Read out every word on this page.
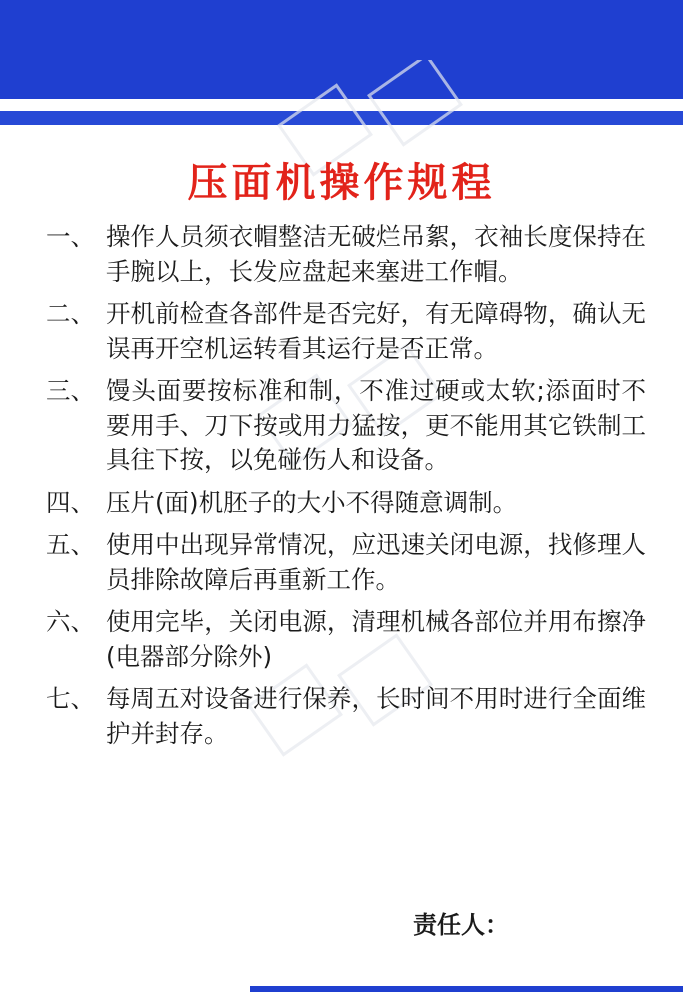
压面机操作规程
一、 操作人员须衣帽整洁无破烂吊絮，衣袖长度保持在手腕以上，长发应盘起来塞进工作帽。
二、 开机前检查各部件是否完好，有无障碍物，确认无误再开空机运转看其运行是否正常。
三、 馒头面要按标准和制，不准过硬或太软;添面时不要用手、刀下按或用力猛按，更不能用其它铁制工具往下按，以免碰伤人和设备。
四、 压片(面)机胚子的大小不得随意调制。
五、 使用中出现异常情况，应迅速关闭电源，找修理人员排除故障后再重新工作。
六、 使用完毕，关闭电源，清理机械各部位并用布擦净(电器部分除外)
七、 每周五对设备进行保养，长时间不用时进行全面维护并封存。
责任人：
